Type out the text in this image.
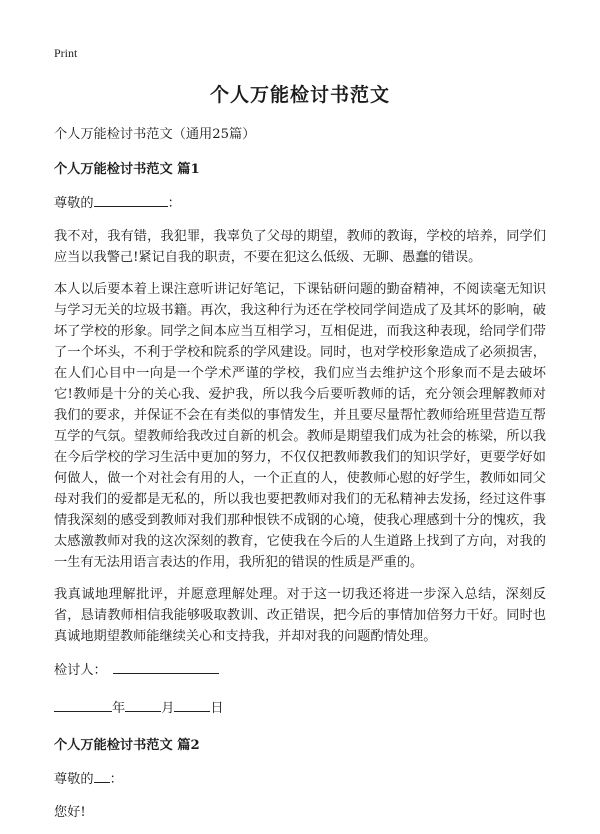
Print
个人万能检讨书范文
个人万能检讨书范文（通用25篇）
个人万能检讨书范文 篇1
尊敬的	：
我不对，我有错，我犯罪，我辜负了父母的期望，教师的教诲，学校的培养，同学们应当以我警己!紧记自我的职责，不要在犯这么低级、无聊、愚蠢的错误。
本人以后要本着上课注意听讲记好笔记，下课钻研问题的勤奋精神，不阅读毫无知识与学习无关的垃圾书籍。再次，我这种行为还在学校同学间造成了及其坏的影响，破坏了学校的形象。同学之间本应当互相学习，互相促进，而我这种表现，给同学们带了一个坏头，不利于学校和院系的学风建设。同时，也对学校形象造成了必须损害，在人们心目中一向是一个学术严谨的学校，我们应当去维护这个形象而不是去破坏它!教师是十分的关心我、爱护我，所以我今后要听教师的话，充分领会理解教师对我们的要求，并保证不会在有类似的事情发生，并且要尽量帮忙教师给班里营造互帮互学的气氛。望教师给我改过自新的机会。教师是期望我们成为社会的栋梁，所以我在今后学校的学习生活中更加的努力，不仅仅把教师教我们的知识学好，更要学好如何做人，做一个对社会有用的人，一个正直的人，使教师心慰的好学生，教师如同父母对我们的爱都是无私的，所以我也要把教师对我们的无私精神去发扬，经过这件事情我深刻的感受到教师对我们那种恨铁不成钢的心境，使我心理感到十分的愧疚，我太感激教师对我的这次深刻的教育，它使我在今后的人生道路上找到了方向，对我的一生有无法用语言表达的作用，我所犯的错误的性质是严重的。
我真诚地理解批评，并愿意理解处理。对于这一切我还将进一步深入总结，深刻反省，恳请教师相信我能够吸取教训、改正错误，把今后的事情加倍努力干好。同时也真诚地期望教师能继续关心和支持我，并却对我的问题酌情处理。
检讨人：
年	月	日
个人万能检讨书范文 篇2
尊敬的 ：
您好!
